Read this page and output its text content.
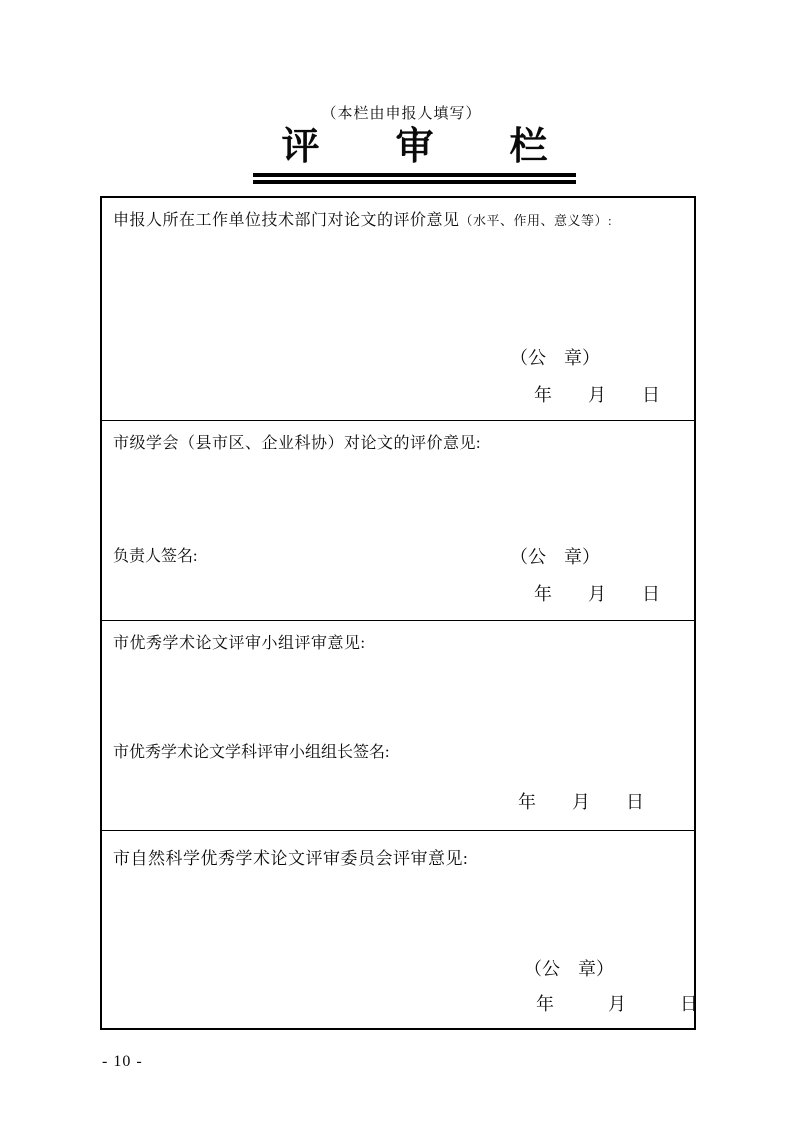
（本栏由申报人填写）
评　　审　　栏
申报人所在工作单位技术部门对论文的评价意见（水平、作用、意义等）:
（公　章）
年　　月　　日
市级学会（县市区、企业科协）对论文的评价意见:
负责人签名:	（公　章）
年　　月　　日
市优秀学术论文评审小组评审意见:
市优秀学术论文学科评审小组组长签名:
年　　月　　日
市自然科学优秀学术论文评审委员会评审意见:
（公　章）
年　　　月　　　日
- 10 -
